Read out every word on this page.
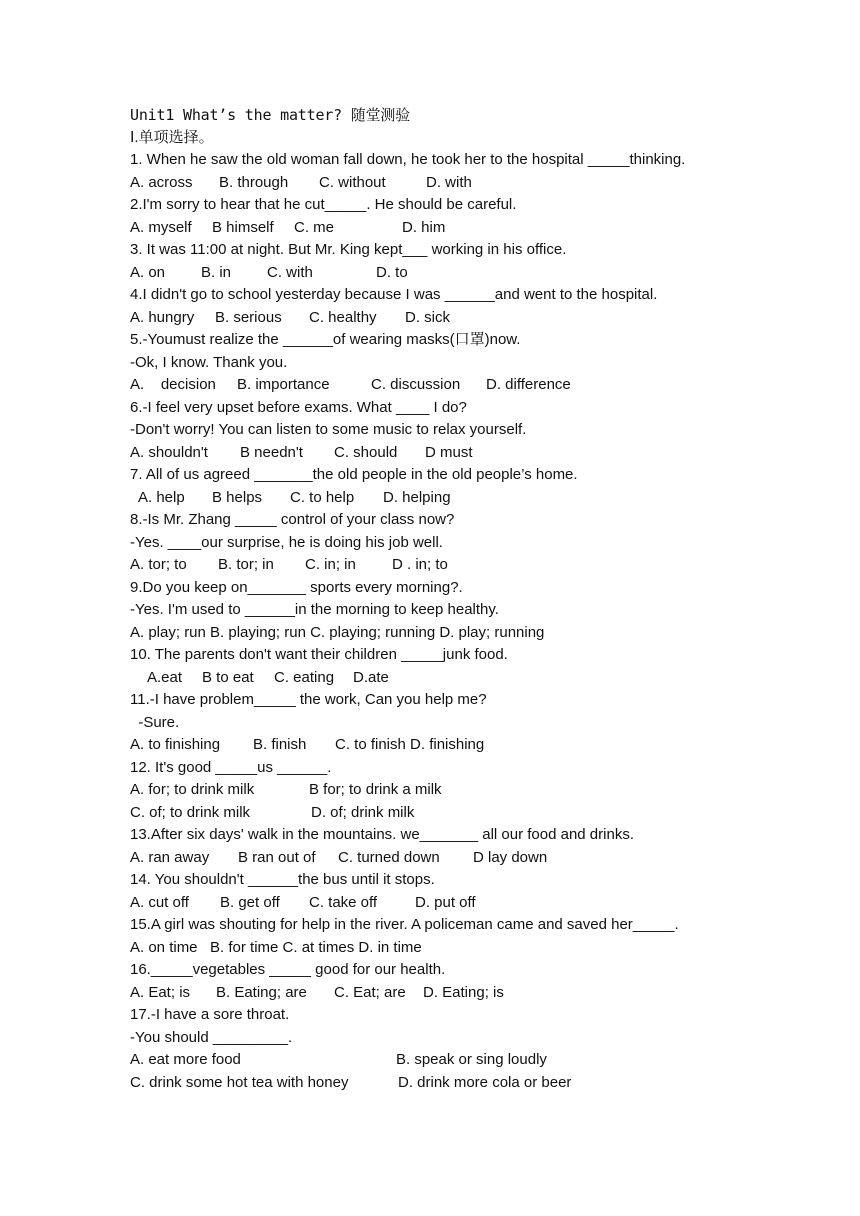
Unit1 What’s the matter? 随堂测验
Ⅰ.单项选择。
1. When he saw the old woman fall down, he took her to the hospital _____thinking.
A. across B. through C. without	D. with
2.I'm sorry to hear that he cut_____. He should be careful.
A. myself B himself C. me	D. him
3. It was 11:00 at night. But Mr. King kept___ working in his office.
A. on B. in C. with	D. to
4.I didn't go to school yesterday because I was ______and went to the hospital.
A. hungry B. serious C. healthy D. sick
5.-Youmust realize the ______of wearing masks(口罩)now.
-Ok, I know. Thank you.
A.    decision B. importance	C. discussion D. difference
6.-I feel very upset before exams. What ____ I do?
-Don't worry! You can listen to some music to relax yourself.
A. shouldn't B needn't C. should D must
7. All of us agreed _______the old people in the old people’s home.
A. help B helps C. to help D. helping
8.-Is Mr. Zhang _____ control of your class now?
-Yes. ____our surprise, he is doing his job well.
A. tor; to B. tor; in C. in; in D . in; to
9.Do you keep on_______ sports every morning?.
-Yes. I'm used to ______in the morning to keep healthy.
A. play; run B. playing; run C. playing; running D. play; running
10. The parents don't want their children _____junk food.
A.eat B to eat C. eating D.ate
11.-I have problem_____ the work, Can you help me?
-Sure.
A. to finishing B. finish C. to finish D. finishing
12. It's good _____us ______.
A. for; to drink milk	B for; to drink a milk
C. of; to drink milk	D. of; drink milk
13.After six days' walk in the mountains. we_______ all our food and drinks.
A. ran away B ran out of C. turned down D lay down
14. You shouldn't ______the bus until it stops.
A. cut off B. get off C. take off	D. put off
15.A girl was shouting for help in the river. A policeman came and saved her_____.
A. on time   B. for time C. at times D. in time
16._____vegetables _____ good for our health.
A. Eat; is B. Eating; are C. Eat; are D. Eating; is
17.-I have a sore throat.
-You should _________.
A. eat more food	B. speak or sing loudly
C. drink some hot tea with honey	D. drink more cola or beer
